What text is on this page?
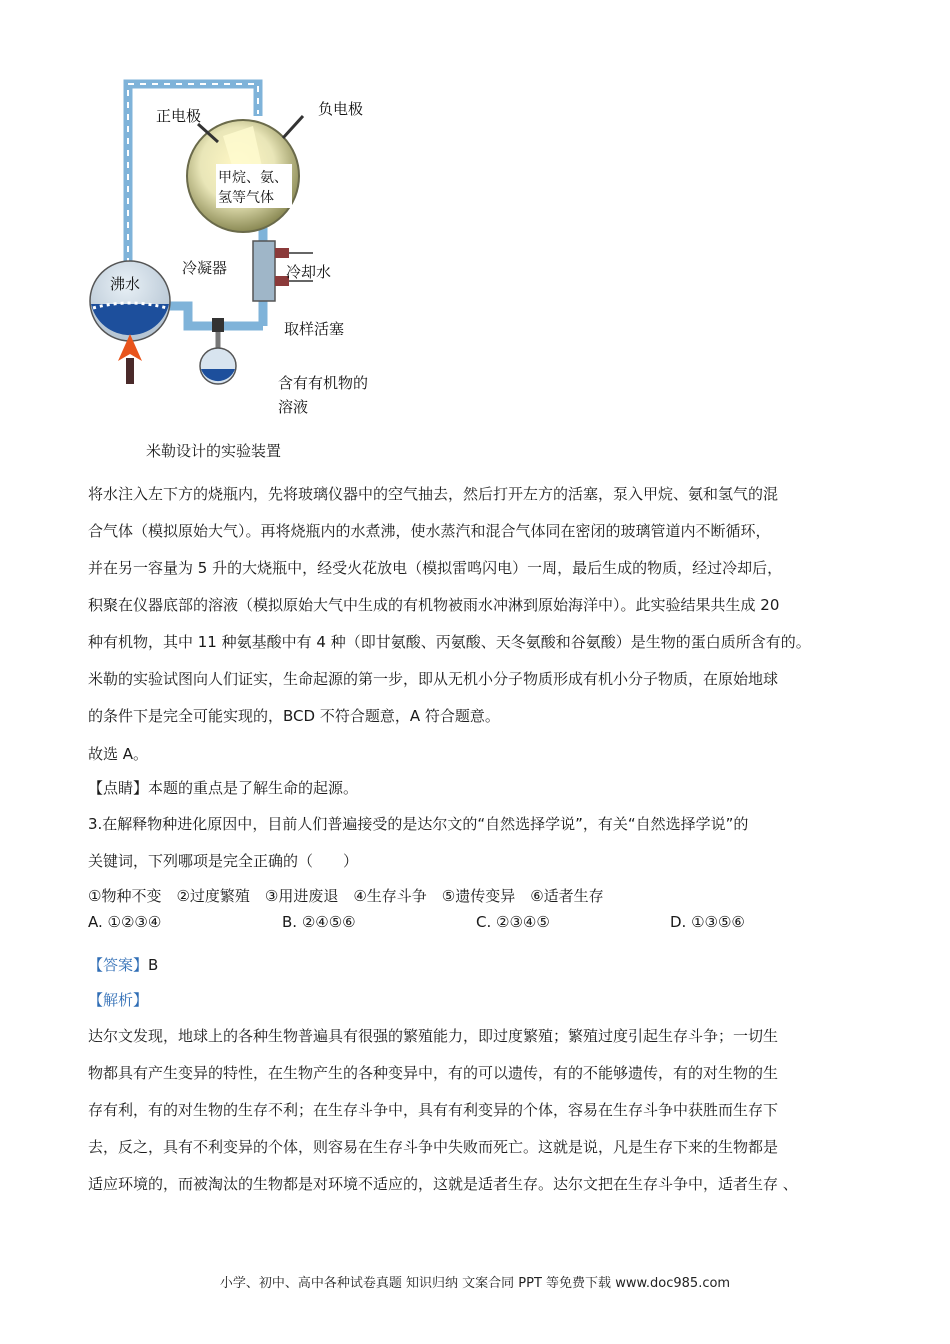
正电极	负电极
甲烷、氨、
氢等气体
冷凝器	冷却水
沸水
取样活塞
含有有机物的
溶液
米勒设计的实验装置
将水注入左下方的烧瓶内，先将玻璃仪器中的空气抽去，然后打开左方的活塞，泵入甲烷、氨和氢气的混
合气体（模拟原始大气）。再将烧瓶内的水煮沸，使水蒸汽和混合气体同在密闭的玻璃管道内不断循环，
并在另一容量为 5 升的大烧瓶中，经受火花放电（模拟雷鸣闪电）一周，最后生成的物质，经过冷却后，
积聚在仪器底部的溶液（模拟原始大气中生成的有机物被雨水冲淋到原始海洋中）。此实验结果共生成 20
种有机物，其中 11 种氨基酸中有 4 种（即甘氨酸、丙氨酸、天冬氨酸和谷氨酸）是生物的蛋白质所含有的。
米勒的实验试图向人们证实，生命起源的第一步，即从无机小分子物质形成有机小分子物质，在原始地球
的条件下是完全可能实现的，BCD 不符合题意，A 符合题意。
故选 A。
【点睛】本题的重点是了解生命的起源。
3.在解释物种进化原因中，目前人们普遍接受的是达尔文的“自然选择学说”，有关“自然选择学说”的
关键词，下列哪项是完全正确的（　　）
①物种不变　②过度繁殖　③用进废退　④生存斗争　⑤遗传变异　⑥适者生存
A. ①②③④	B. ②④⑤⑥	C. ②③④⑤	D. ①③⑤⑥
【答案】B
【解析】
达尔文发现，地球上的各种生物普遍具有很强的繁殖能力，即过度繁殖；繁殖过度引起生存斗争；一切生
物都具有产生变异的特性，在生物产生的各种变异中，有的可以遗传，有的不能够遗传，有的对生物的生
存有利，有的对生物的生存不利；在生存斗争中，具有有利变异的个体，容易在生存斗争中获胜而生存下
去，反之，具有不利变异的个体，则容易在生存斗争中失败而死亡。这就是说，凡是生存下来的生物都是
适应环境的，而被淘汰的生物都是对环境不适应的，这就是适者生存。达尔文把在生存斗争中，适者生存 、
小学、初中、高中各种试卷真题 知识归纳 文案合同 PPT 等免费下载 www.doc985.com
